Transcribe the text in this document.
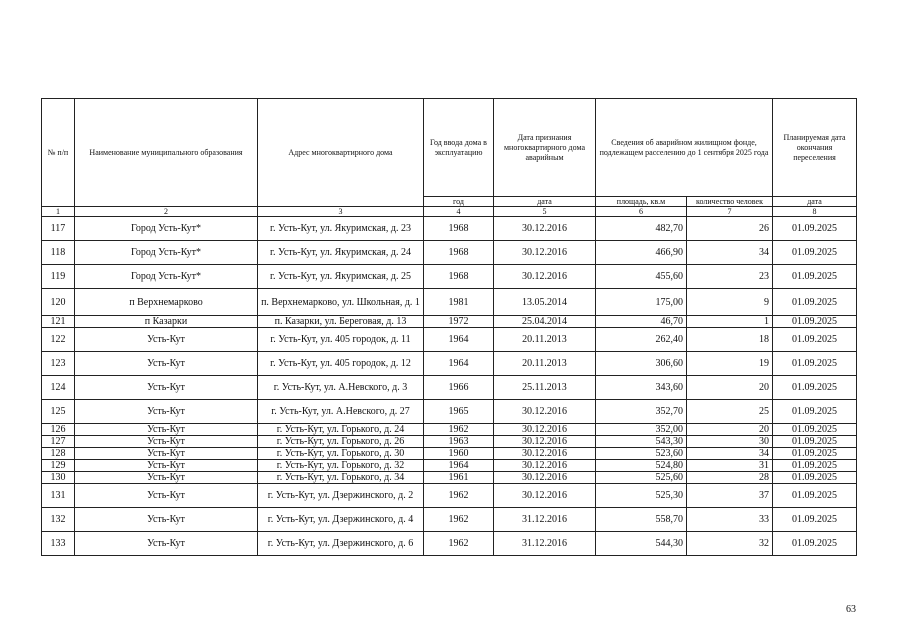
№ п/п	Наименование муниципального образования	Адрес многоквартирного дома	Год ввода дома в эксплуатацию	Дата признания многоквартирного дома аварийным	Сведения об аварийном жилищном фонде, подлежащем расселению до 1 сентября 2025 года		Планируемая дата окончания переселения
			год	дата	площадь, кв.м	количество человек	дата
1	2	3	4	5	6	7	8
117	Город Усть-Кут*	г. Усть-Кут, ул. Якуримская, д. 23	1968	30.12.2016	482,70	26	01.09.2025
118	Город Усть-Кут*	г. Усть-Кут, ул. Якуримская, д. 24	1968	30.12.2016	466,90	34	01.09.2025
119	Город Усть-Кут*	г. Усть-Кут, ул. Якуримская, д. 25	1968	30.12.2016	455,60	23	01.09.2025
120	п Верхнемарково	п. Верхнемарково, ул. Школьная, д. 1	1981	13.05.2014	175,00	9	01.09.2025
121	п Казарки	п. Казарки, ул. Береговая, д. 13	1972	25.04.2014	46,70	1	01.09.2025
122	Усть-Кут	г. Усть-Кут, ул. 405 городок, д. 11	1964	20.11.2013	262,40	18	01.09.2025
123	Усть-Кут	г. Усть-Кут, ул. 405 городок, д. 12	1964	20.11.2013	306,60	19	01.09.2025
124	Усть-Кут	г. Усть-Кут, ул. А.Невского, д. 3	1966	25.11.2013	343,60	20	01.09.2025
125	Усть-Кут	г. Усть-Кут, ул. А.Невского, д. 27	1965	30.12.2016	352,70	25	01.09.2025
126	Усть-Кут	г. Усть-Кут, ул. Горького, д. 24	1962	30.12.2016	352,00	20	01.09.2025
127	Усть-Кут	г. Усть-Кут, ул. Горького, д. 26	1963	30.12.2016	543,30	30	01.09.2025
128	Усть-Кут	г. Усть-Кут, ул. Горького, д. 30	1960	30.12.2016	523,60	34	01.09.2025
129	Усть-Кут	г. Усть-Кут, ул. Горького, д. 32	1964	30.12.2016	524,80	31	01.09.2025
130	Усть-Кут	г. Усть-Кут, ул. Горького, д. 34	1961	30.12.2016	525,60	28	01.09.2025
131	Усть-Кут	г. Усть-Кут, ул. Дзержинского, д. 2	1962	30.12.2016	525,30	37	01.09.2025
132	Усть-Кут	г. Усть-Кут, ул. Дзержинского, д. 4	1962	31.12.2016	558,70	33	01.09.2025
133	Усть-Кут	г. Усть-Кут, ул. Дзержинского, д. 6	1962	31.12.2016	544,30	32	01.09.2025
63
